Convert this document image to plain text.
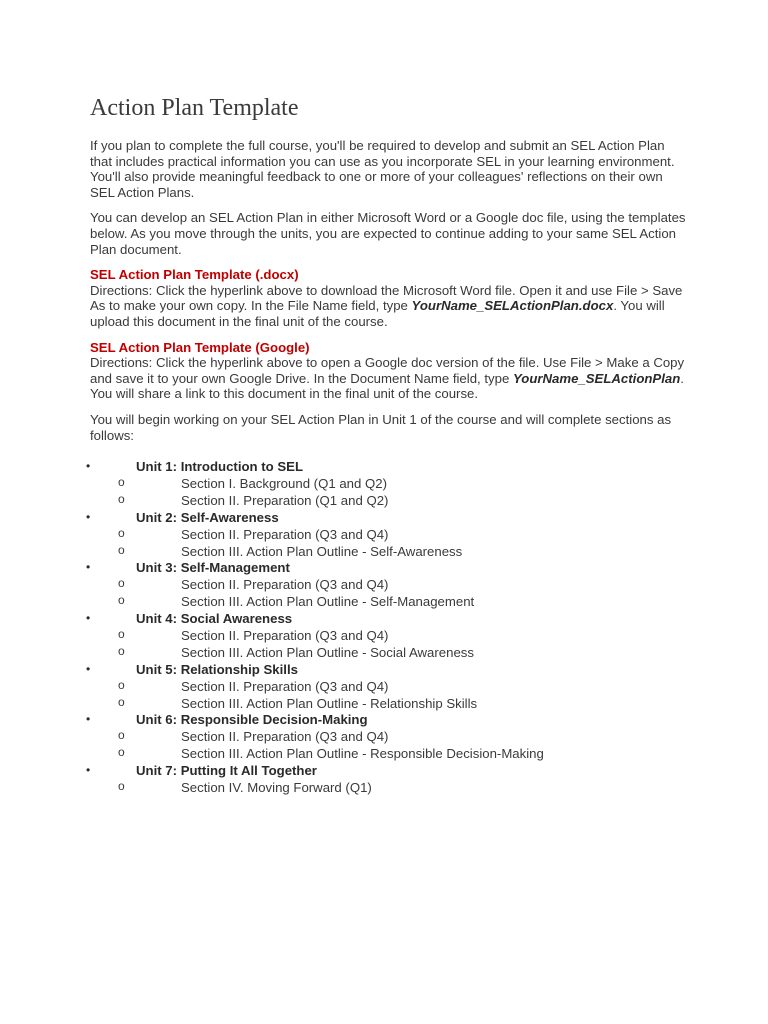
Action Plan Template

If you plan to complete the full course, you'll be required to develop and submit an SEL Action Plan that includes practical information you can use as you incorporate SEL in your learning environment. You'll also provide meaningful feedback to one or more of your colleagues' reflections on their own SEL Action Plans.

You can develop an SEL Action Plan in either Microsoft Word or a Google doc file, using the templates below. As you move through the units, you are expected to continue adding to your same SEL Action Plan document.

SEL Action Plan Template (.docx)
Directions: Click the hyperlink above to download the Microsoft Word file. Open it and use File > Save As to make your own copy. In the File Name field, type YourName_SELActionPlan.docx. You will upload this document in the final unit of the course.
SEL Action Plan Template (Google)
Directions: Click the hyperlink above to open a Google doc version of the file. Use File > Make a Copy and save it to your own Google Drive. In the Document Name field, type YourName_SELActionPlan. You will share a link to this document in the final unit of the course.

You will begin working on your SEL Action Plan in Unit 1 of the course and will complete sections as follows:

•	Unit 1: Introduction to SEL
o	Section I. Background (Q1 and Q2)
o	Section II. Preparation (Q1 and Q2)
•	Unit 2: Self-Awareness
o	Section II. Preparation (Q3 and Q4)
o	Section III. Action Plan Outline - Self-Awareness
•	Unit 3: Self-Management
o	Section II. Preparation (Q3 and Q4)
o	Section III. Action Plan Outline - Self-Management
•	Unit 4: Social Awareness
o	Section II. Preparation (Q3 and Q4)
o	Section III. Action Plan Outline - Social Awareness
•	Unit 5: Relationship Skills
o	Section II. Preparation (Q3 and Q4)
o	Section III. Action Plan Outline - Relationship Skills
•	Unit 6: Responsible Decision-Making
o	Section II. Preparation (Q3 and Q4)
o	Section III. Action Plan Outline - Responsible Decision-Making
•	Unit 7: Putting It All Together
o	Section IV. Moving Forward (Q1)
